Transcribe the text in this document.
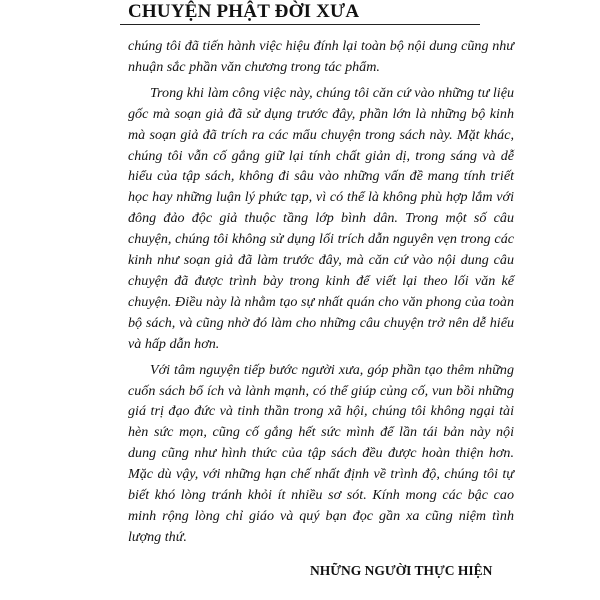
CHUYỆN PHẬT ĐỜI XƯA

chúng tôi đã tiến hành việc hiệu đính lại toàn bộ nội dung cũng như nhuận sắc phần văn chương trong tác phẩm.

Trong khi làm công việc này, chúng tôi căn cứ vào những tư liệu gốc mà soạn giả đã sử dụng trước đây, phần lớn là những bộ kinh mà soạn giả đã trích ra các mẩu chuyện trong sách này. Mặt khác, chúng tôi vẫn cố gắng giữ lại tính chất giản dị, trong sáng và dễ hiểu của tập sách, không đi sâu vào những vấn đề mang tính triết học hay những luận lý phức tạp, vì có thể là không phù hợp lắm với đông đảo độc giả thuộc tầng lớp bình dân. Trong một số câu chuyện, chúng tôi không sử dụng lối trích dẫn nguyên vẹn trong các kinh như soạn giả đã làm trước đây, mà căn cứ vào nội dung câu chuyện đã được trình bày trong kinh để viết lại theo lối văn kể chuyện. Điều này là nhằm tạo sự nhất quán cho văn phong của toàn bộ sách, và cũng nhờ đó làm cho những câu chuyện trở nên dễ hiểu và hấp dẫn hơn.

Với tâm nguyện tiếp bước người xưa, góp phần tạo thêm những cuốn sách bổ ích và lành mạnh, có thể giúp củng cố, vun bồi những giá trị đạo đức và tinh thần trong xã hội, chúng tôi không ngại tài hèn sức mọn, cũng cố gắng hết sức mình để lần tái bản này nội dung cũng như hình thức của tập sách đều được hoàn thiện hơn. Mặc dù vậy, với những hạn chế nhất định về trình độ, chúng tôi tự biết khó lòng tránh khỏi ít nhiều sơ sót. Kính mong các bậc cao minh rộng lòng chỉ giáo và quý bạn đọc gần xa cũng niệm tình lượng thứ.

NHỮNG NGƯỜI THỰC HIỆN
